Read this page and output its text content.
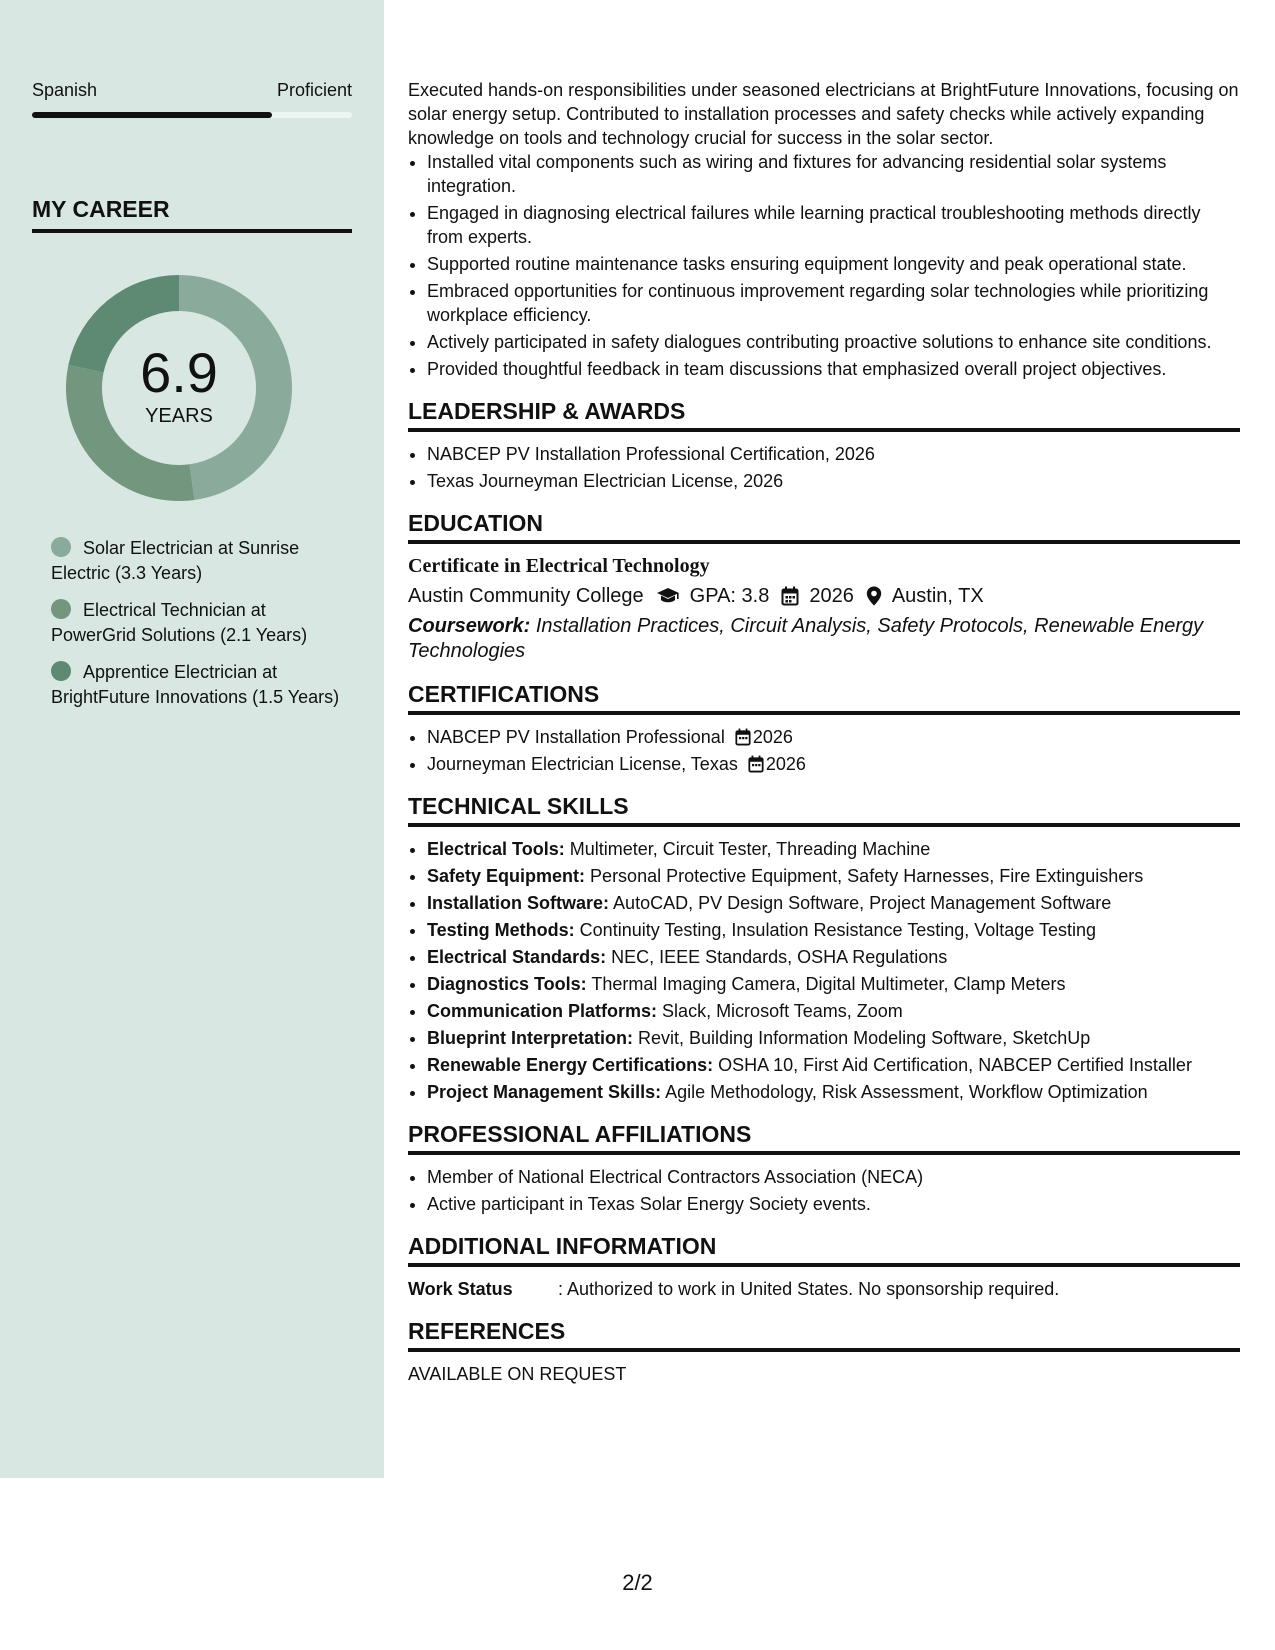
Spanish	Proficient
MY CAREER
6.9
YEARS
Solar Electrician at Sunrise Electric (3.3 Years)
Electrical Technician at PowerGrid Solutions (2.1 Years)
Apprentice Electrician at BrightFuture Innovations (1.5 Years)

Executed hands-on responsibilities under seasoned electricians at BrightFuture Innovations, focusing on solar energy setup. Contributed to installation processes and safety checks while actively expanding knowledge on tools and technology crucial for success in the solar sector.

• Installed vital components such as wiring and fixtures for advancing residential solar systems integration.
• Engaged in diagnosing electrical failures while learning practical troubleshooting methods directly from experts.
• Supported routine maintenance tasks ensuring equipment longevity and peak operational state.
• Embraced opportunities for continuous improvement regarding solar technologies while prioritizing workplace efficiency.
• Actively participated in safety dialogues contributing proactive solutions to enhance site conditions.
• Provided thoughtful feedback in team discussions that emphasized overall project objectives.
LEADERSHIP & AWARDS
• NABCEP PV Installation Professional Certification, 2026
• Texas Journeyman Electrician License, 2026
EDUCATION
Certificate in Electrical Technology
Austin Community College GPA: 3.8 2026 Austin, TX
Coursework: Installation Practices, Circuit Analysis, Safety Protocols, Renewable Energy Technologies
CERTIFICATIONS
• NABCEP PV Installation Professional 2026
• Journeyman Electrician License, Texas 2026
TECHNICAL SKILLS
• Electrical Tools: Multimeter, Circuit Tester, Threading Machine
• Safety Equipment: Personal Protective Equipment, Safety Harnesses, Fire Extinguishers
• Installation Software: AutoCAD, PV Design Software, Project Management Software
• Testing Methods: Continuity Testing, Insulation Resistance Testing, Voltage Testing
• Electrical Standards: NEC, IEEE Standards, OSHA Regulations
• Diagnostics Tools: Thermal Imaging Camera, Digital Multimeter, Clamp Meters
• Communication Platforms: Slack, Microsoft Teams, Zoom
• Blueprint Interpretation: Revit, Building Information Modeling Software, SketchUp
• Renewable Energy Certifications: OSHA 10, First Aid Certification, NABCEP Certified Installer
• Project Management Skills: Agile Methodology, Risk Assessment, Workflow Optimization
PROFESSIONAL AFFILIATIONS
• Member of National Electrical Contractors Association (NECA)
• Active participant in Texas Solar Energy Society events.
ADDITIONAL INFORMATION
Work Status	: Authorized to work in United States. No sponsorship required.
REFERENCES
AVAILABLE ON REQUEST
2/2
